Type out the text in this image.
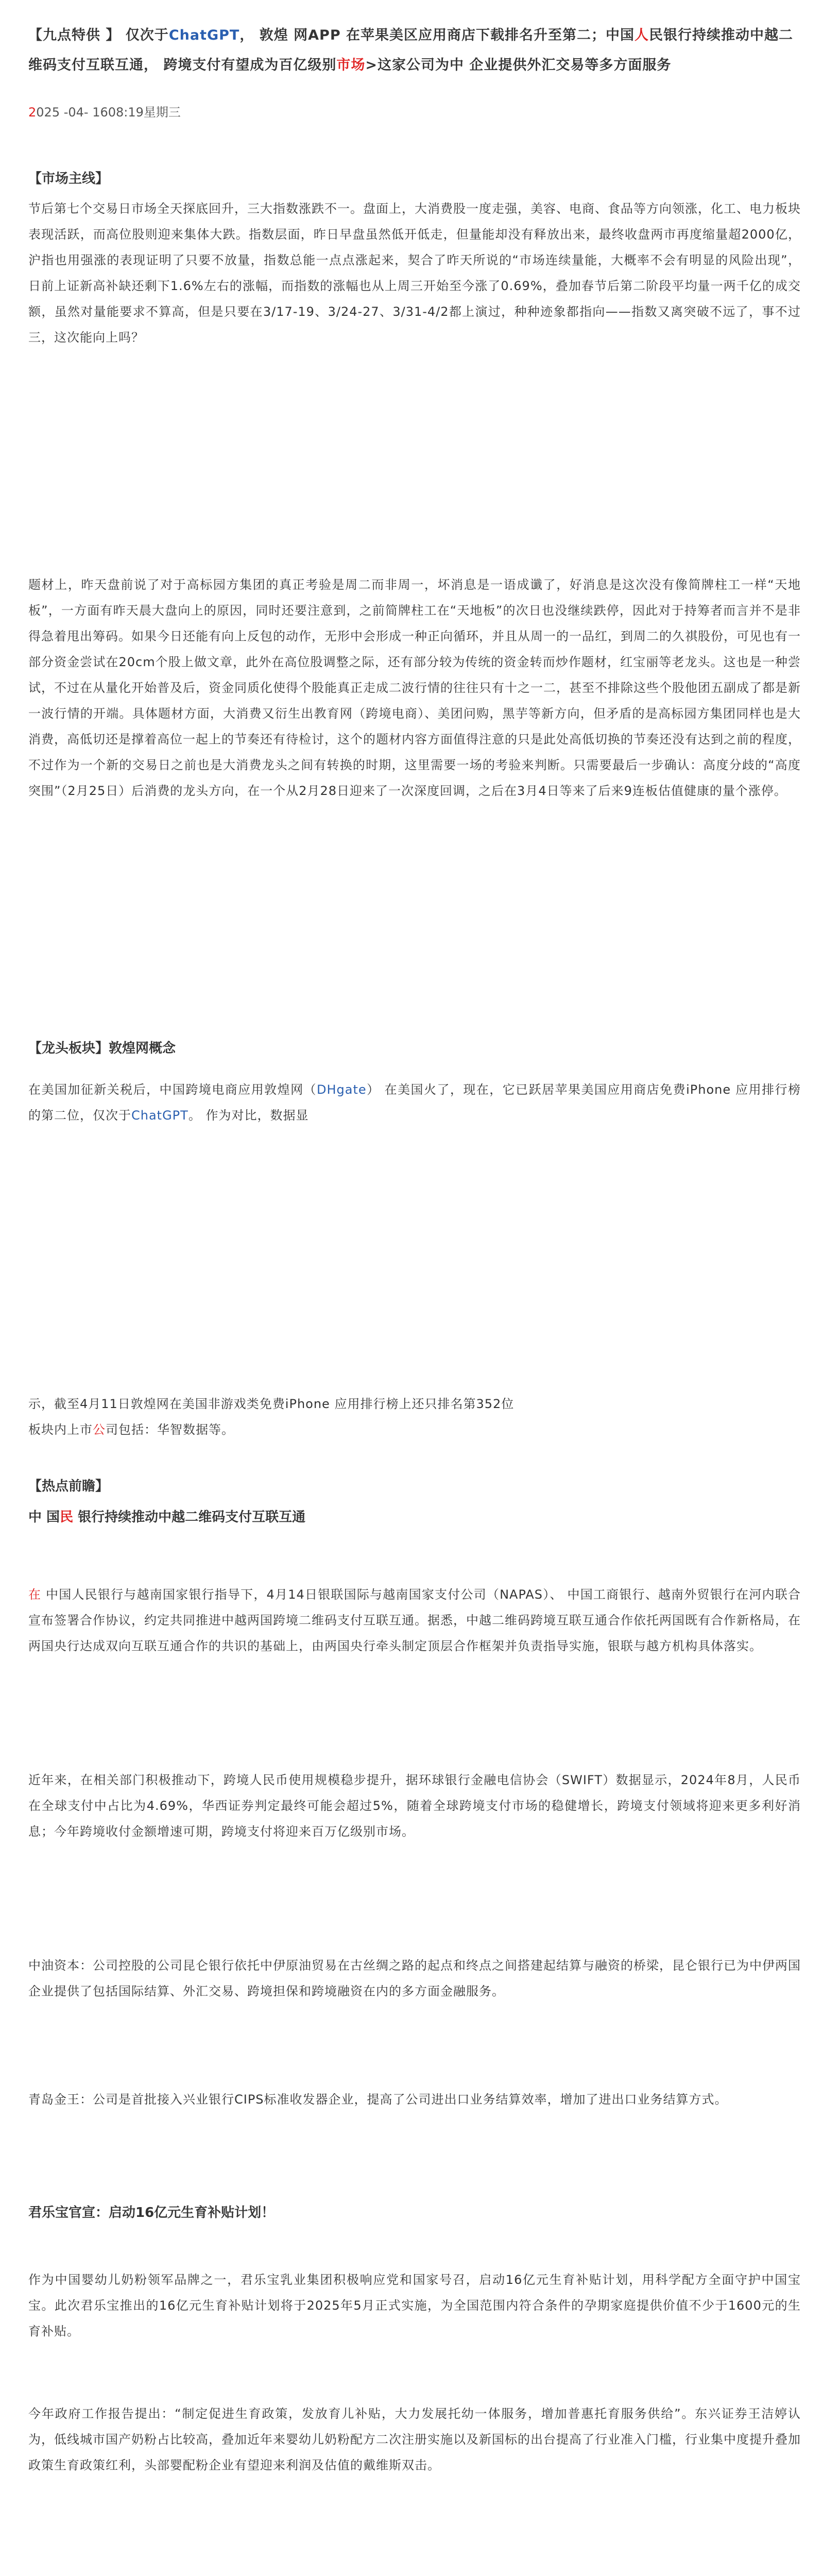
【九点特供 】 仅次于ChatGPT， 敦煌 网APP 在苹果美区应用商店下载排名升至第二；中国人民银行持续推动中越二维码支付互联互通， 跨境支付有望成为百亿级别市场>这家公司为中 企业提供外汇交易等多方面服务
2025 -04- 1608:19星期三
【市场主线】

节后第七个交易日市场全天探底回升，三大指数涨跌不一。盘面上，大消费股一度走强，美容、电商、食品等方向领涨，化工、电力板块表现活跃，而高位股则迎来集体大跌。指数层面，昨日早盘虽然低开低走，但量能却没有释放出来，最终收盘两市再度缩量超2000亿，沪指也用强涨的表现证明了只要不放量，指数总能一点点涨起来，契合了昨天所说的“市场连续量能，大概率不会有明显的风险出现”，日前上证新高补缺还剩下1.6%左右的涨幅，而指数的涨幅也从上周三开始至今涨了0.69%，叠加春节后第二阶段平均量一两千亿的成交额，虽然对量能要求不算高，但是只要在3/17-19、3/24-27、3/31-4/2都上演过，种种迹象都指向——指数又离突破不远了，事不过三，这次能向上吗？

题材上，昨天盘前说了对于高标园方集团的真正考验是周二而非周一，坏消息是一语成谶了，好消息是这次没有像简牌柱工一样“天地板”，一方面有昨天晨大盘向上的原因，同时还要注意到，之前简牌柱工在“天地板”的次日也没继续跌停，因此对于持筹者而言并不是非得急着甩出筹码。如果今日还能有向上反包的动作，无形中会形成一种正向循环，并且从周一的一品红，到周二的久祺股份，可见也有一部分资金尝试在20cm个股上做文章，此外在高位股调整之际，还有部分较为传统的资金转而炒作题材，红宝丽等老龙头。这也是一种尝试，不过在从量化开始普及后，资金同质化使得个股能真正走成二波行情的往往只有十之一二，甚至不排除这些个股他团五副成了都是新一波行情的开端。具体题材方面，大消费又衍生出教育网（跨境电商）、美团问购，黑芋等新方向，但矛盾的是高标园方集团同样也是大消费，高低切还是撑着高位一起上的节奏还有待检讨，这个的题材内容方面值得注意的只是此处高低切换的节奏还没有达到之前的程度，不过作为一个新的交易日之前也是大消费龙头之间有转换的时期，这里需要一场的考验来判断。只需要最后一步确认：高度分歧的“高度突围”（2月25日）后消费的龙头方向，在一个从2月28日迎来了一次深度回调，之后在3月4日等来了后来9连板估值健康的量个涨停。

【龙头板块】敦煌网概念

在美国加征新关税后，中国跨境电商应用敦煌网（DHgate） 在美国火了，现在，它已跃居苹果美国应用商店免费iPhone 应用排行榜的第二位，仅次于ChatGPT。 作为对比，数据显

示，截至4月11日敦煌网在美国非游戏类免费iPhone 应用排行榜上还只排名第352位

板块内上市公司包括：华智数据等。

【热点前瞻】
中 国民 银行持续推动中越二维码支付互联互通

在 中国人民银行与越南国家银行指导下，4月14日银联国际与越南国家支付公司（NAPAS）、 中国工商银行、越南外贸银行在河内联合宣布签署合作协议，约定共同推进中越两国跨境二维码支付互联互通。据悉，中越二维码跨境互联互通合作依托两国既有合作新格局，在两国央行达成双向互联互通合作的共识的基础上，由两国央行牵头制定顶层合作框架并负责指导实施，银联与越方机构具体落实。

近年来，在相关部门积极推动下，跨境人民币使用规模稳步提升，据环球银行金融电信协会（SWIFT）数据显示，2024年8月，人民币在全球支付中占比为4.69%，华西证券判定最终可能会超过5%，随着全球跨境支付市场的稳健增长，跨境支付领域将迎来更多利好消息；今年跨境收付金额增速可期，跨境支付将迎来百万亿级别市场。

中油资本：公司控股的公司昆仑银行依托中伊原油贸易在古丝绸之路的起点和终点之间搭建起结算与融资的桥梁，昆仑银行已为中伊两国企业提供了包括国际结算、外汇交易、跨境担保和跨境融资在内的多方面金融服务。

青岛金王：公司是首批接入兴业银行CIPS标准收发器企业，提高了公司进出口业务结算效率，增加了进出口业务结算方式。

君乐宝官宣：启动16亿元生育补贴计划！

作为中国婴幼儿奶粉领军品牌之一，君乐宝乳业集团积极响应党和国家号召，启动16亿元生育补贴计划，用科学配方全面守护中国宝宝。此次君乐宝推出的16亿元生育补贴计划将于2025年5月正式实施，为全国范围内符合条件的孕期家庭提供价值不少于1600元的生育补贴。

今年政府工作报告提出：“制定促进生育政策，发放育儿补贴，大力发展托幼一体服务，增加普惠托育服务供给”。东兴证券王洁婷认为，低线城市国产奶粉占比较高，叠加近年来婴幼儿奶粉配方二次注册实施以及新国标的出台提高了行业准入门槛，行业集中度提升叠加政策生育政策红利，头部婴配粉企业有望迎来利润及估值的戴维斯双击。
